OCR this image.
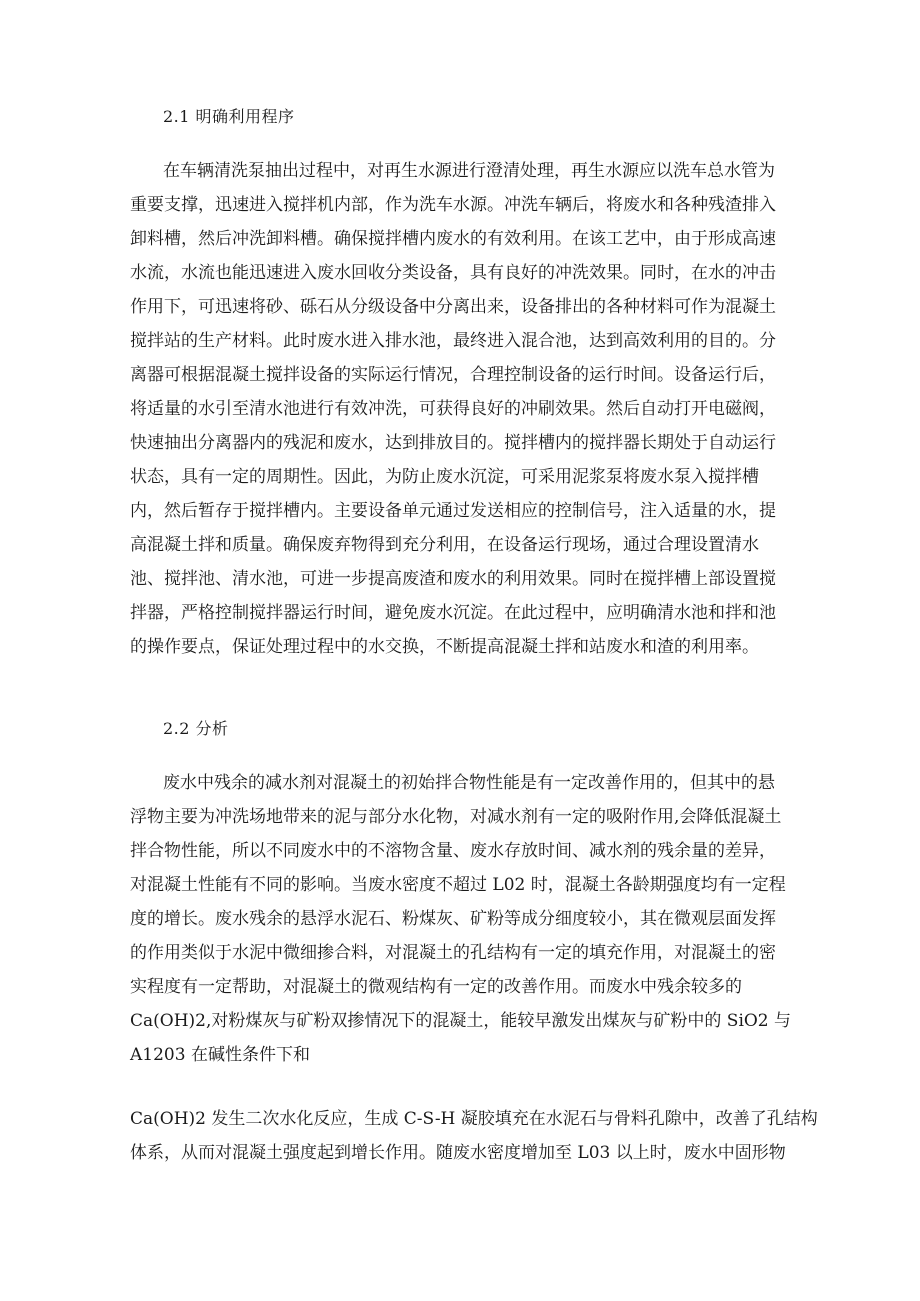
2.1 明确利用程序

在车辆清洗泵抽出过程中，对再生水源进行澄清处理，再生水源应以洗车总水管为

重要支撑，迅速进入搅拌机内部，作为洗车水源。冲洗车辆后，将废水和各种残渣排入

卸料槽，然后冲洗卸料槽。确保搅拌槽内废水的有效利用。在该工艺中，由于形成高速

水流，水流也能迅速进入废水回收分类设备，具有良好的冲洗效果。同时，在水的冲击

作用下，可迅速将砂、砾石从分级设备中分离出来，设备排出的各种材料可作为混凝土

搅拌站的生产材料。此时废水进入排水池，最终进入混合池，达到高效利用的目的。分

离器可根据混凝土搅拌设备的实际运行情况，合理控制设备的运行时间。设备运行后，

将适量的水引至清水池进行有效冲洗，可获得良好的冲刷效果。然后自动打开电磁阀，

快速抽出分离器内的残泥和废水，达到排放目的。搅拌槽内的搅拌器长期处于自动运行

状态，具有一定的周期性。因此，为防止废水沉淀，可采用泥浆泵将废水泵入搅拌槽

内，然后暂存于搅拌槽内。主要设备单元通过发送相应的控制信号，注入适量的水，提

高混凝土拌和质量。确保废弃物得到充分利用，在设备运行现场，通过合理设置清水

池、搅拌池、清水池，可进一步提高废渣和废水的利用效果。同时在搅拌槽上部设置搅

拌器，严格控制搅拌器运行时间，避免废水沉淀。在此过程中，应明确清水池和拌和池

的操作要点，保证处理过程中的水交换，不断提高混凝土拌和站废水和渣的利用率。

2.2 分析

废水中残余的减水剂对混凝土的初始拌合物性能是有一定改善作用的，但其中的悬

浮物主要为冲洗场地带来的泥与部分水化物，对减水剂有一定的吸附作用,会降低混凝土

拌合物性能，所以不同废水中的不溶物含量、废水存放时间、减水剂的残余量的差异，

对混凝土性能有不同的影响。当废水密度不超过 L02 时，混凝土各龄期强度均有一定程

度的增长。废水残余的悬浮水泥石、粉煤灰、矿粉等成分细度较小，其在微观层面发挥

的作用类似于水泥中微细掺合料，对混凝土的孔结构有一定的填充作用，对混凝土的密

实程度有一定帮助，对混凝土的微观结构有一定的改善作用。而废水中残余较多的

Ca(OH)2,对粉煤灰与矿粉双掺情况下的混凝土，能较早激发出煤灰与矿粉中的 SiO2 与

A1203 在碱性条件下和

Ca(OH)2 发生二次水化反应，生成 C-S-H 凝胶填充在水泥石与骨料孔隙中，改善了孔结构

体系，从而对混凝土强度起到增长作用。随废水密度增加至 L03 以上时，废水中固形物
